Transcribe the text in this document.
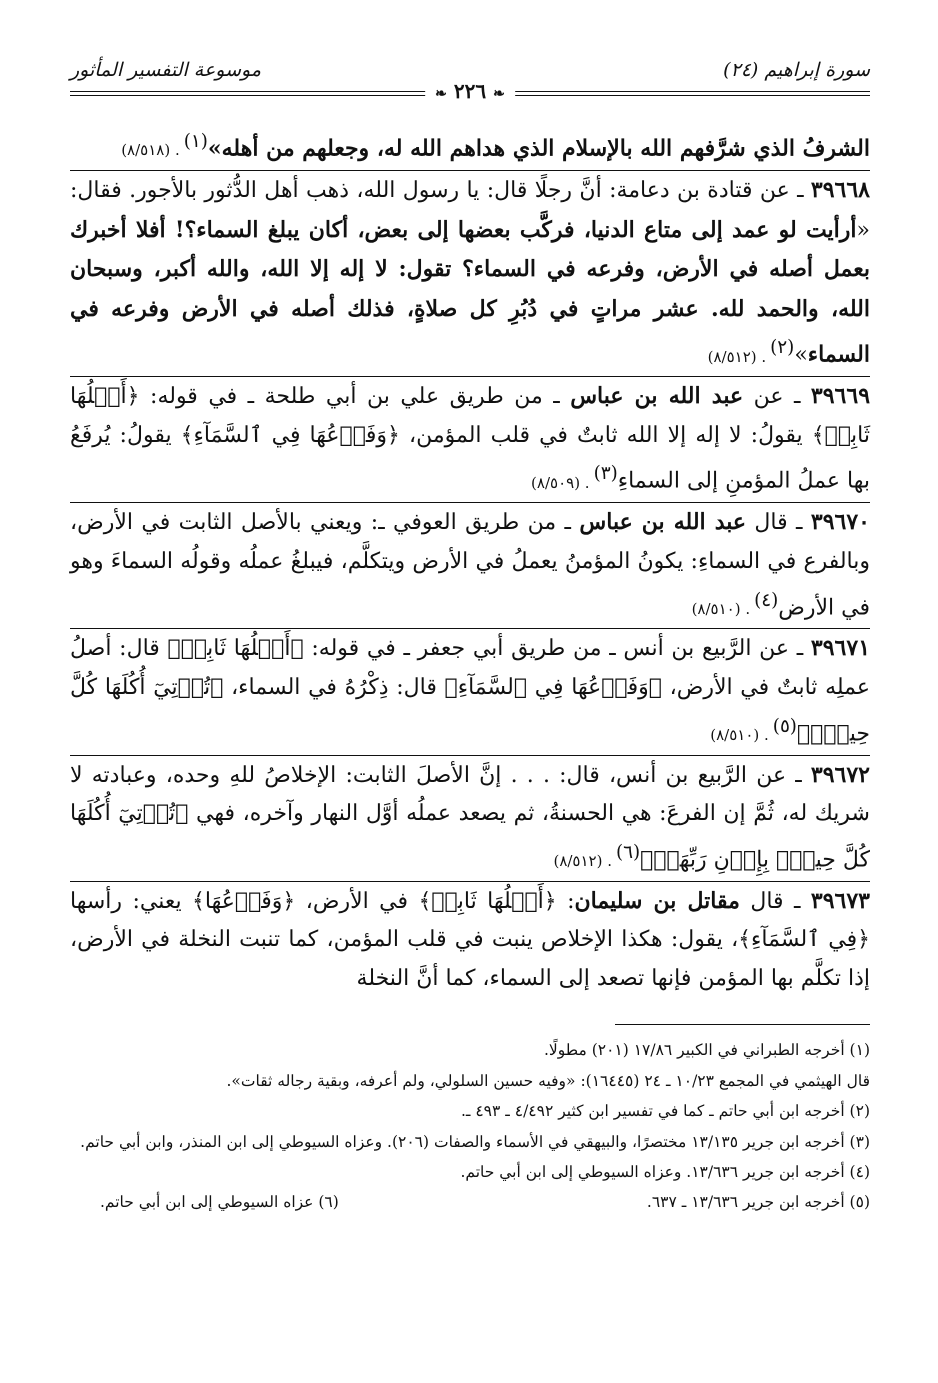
سورة إبراهيم (٢٤)
موسوعة التفسير المأثور
❧ ٢٢٦ ❧

الشرفُ الذي شرَّفهم الله بالإسلام الذي هداهم الله له، وجعلهم من أهله»$^{(١)}$. (٨/٥١٨)

٣٩٦٦٨ ـ عن قتادة بن دعامة: أنَّ رجلًا قال: يا رسول الله، ذهب أهل الدُّثور بالأجور. فقال: «أرأيت لو عمد إلى متاع الدنيا، فركَّب بعضها إلى بعض، أكان يبلغ السماء؟! أفلا أخبرك بعمل أصله في الأرض، وفرعه في السماء؟ تقول: لا إله إلا الله، والله أكبر، وسبحان الله، والحمد لله. عشر مراتٍ في دُبُرِ كل صلاةٍ، فذلك أصله في الأرض وفرعه في السماء»$^{(٢)}$. (٨/٥١٢)

٣٩٦٦٩ ـ عن عبد الله بن عباس ـ من طريق علي بن أبي طلحة ـ في قوله: ﴿أَصۡلُهَا ثَابِتٞ﴾ يقولُ: لا إله إلا الله ثابتٌ في قلب المؤمن، ﴿وَفَرۡعُهَا فِي ٱلسَّمَآءِ﴾ يقولُ: يُرفَعُ بها عملُ المؤمنِ إلى السماءِ$^{(٣)}$. (٨/٥٠٩)

٣٩٦٧٠ ـ قال عبد الله بن عباس ـ من طريق العوفي ـ: ويعني بالأصل الثابت في الأرض، وبالفرع في السماءِ: يكونُ المؤمنُ يعملُ في الأرض ويتكلَّم، فيبلغُ عملُه وقولُه السماءَ وهو في الأرض$^{(٤)}$. (٨/٥١٠)

٣٩٦٧١ ـ عن الرَّبيع بن أنس ـ من طريق أبي جعفر ـ في قوله: ﴿أَصۡلُهَا ثَابِتٞ﴾ قال: أصلُ عملِه ثابتٌ في الأرض، ﴿وَفَرۡعُهَا فِي ٱلسَّمَآءِ﴾ قال: ذِكْرُهُ في السماء، ﴿تُؤۡتِيٓ أُكُلَهَا كُلَّ حِينِۭ﴾$^{(٥)}$. (٨/٥١٠)

٣٩٦٧٢ ـ عن الرَّبيع بن أنس، قال: . . . إنَّ الأصلَ الثابت: الإخلاصُ للهِ وحده، وعبادته لا شريك له، ثُمَّ إن الفرعَ: هي الحسنةُ، ثم يصعد عملُه أوَّل النهار وآخره، فهي ﴿تُؤۡتِيٓ أُكُلَهَا كُلَّ حِينِۭ بِإِذۡنِ رَبِّهَاۗ﴾$^{(٦)}$. (٨/٥١٢)

٣٩٦٧٣ ـ قال مقاتل بن سليمان: ﴿أَصۡلُهَا ثَابِتٞ﴾ في الأرض، ﴿وَفَرۡعُهَا﴾ يعني: رأسها ﴿فِي ٱلسَّمَآءِ﴾، يقول: هكذا الإخلاص ينبت في قلب المؤمن، كما تنبت النخلة في الأرض، إذا تكلَّم بها المؤمن فإنها تصعد إلى السماء، كما أنَّ النخلة

(١) أخرجه الطبراني في الكبير ١٧/٨٦ (٢٠١) مطولًا.

قال الهيثمي في المجمع ١٠/٢٣ ـ ٢٤ (١٦٤٤٥): «وفيه حسين السلولي، ولم أعرفه، وبقية رجاله ثقات».

(٢) أخرجه ابن أبي حاتم ـ كما في تفسير ابن كثير ٤/٤٩٢ ـ ٤٩٣ ـ.

(٣) أخرجه ابن جرير ١٣/١٣٥ مختصرًا، والبيهقي في الأسماء والصفات (٢٠٦). وعزاه السيوطي إلى ابن المنذر، وابن أبي حاتم.

(٤) أخرجه ابن جرير ١٣/٦٣٦. وعزاه السيوطي إلى ابن أبي حاتم.

(٥) أخرجه ابن جرير ١٣/٦٣٦ ـ ٦٣٧.

(٦) عزاه السيوطي إلى ابن أبي حاتم.
